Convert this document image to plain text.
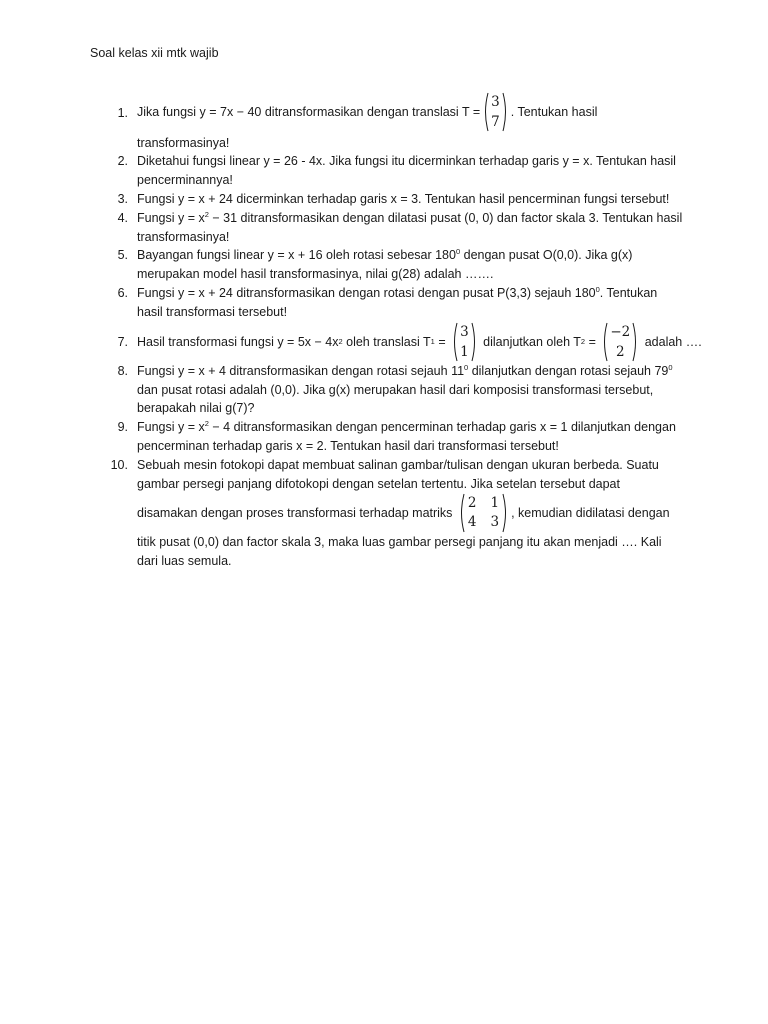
Soal kelas xii mtk wajib
1. Jika fungsi y = 7x − 40 ditransformasikan dengan translasi T =
3
7
. Tentukan hasil
transformasinya!
2. Diketahui fungsi linear y = 26 - 4x. Jika fungsi itu dicerminkan terhadap garis y = x. Tentukan hasil pencerminannya!
3. Fungsi y = x + 24 dicerminkan terhadap garis x = 3. Tentukan hasil pencerminan fungsi tersebut!
4. Fungsi $y = x^2 - 31$ ditransformasikan dengan dilatasi pusat (0, 0) dan factor skala 3. Tentukan hasil transformasinya!
5. Bayangan fungsi linear y = x + 16 oleh rotasi sebesar $180^0$ dengan pusat O(0,0). Jika g(x) merupakan model hasil transformasinya, nilai g(28) adalah …….
6. Fungsi y = x + 24 ditransformasikan dengan rotasi dengan pusat P(3,3) sejauh $180^0$. Tentukan hasil transformasi tersebut!
7. Hasil transformasi fungsi y = 5x − 4x 2 oleh translasi T 1 =
3
1
dilanjutkan oleh T 2 =
−2
2
adalah ….
8. Fungsi y = x + 4 ditransformasikan dengan rotasi sejauh $11^0$ dilanjutkan dengan rotasi sejauh $79^0$
dan pusat rotasi adalah (0,0). Jika g(x) merupakan hasil dari komposisi transformasi tersebut, berapakah nilai g(7)?
9. Fungsi $y = x^2 - 4$ ditransformasikan dengan pencerminan terhadap garis x = 1 dilanjutkan dengan pencerminan terhadap garis x = 2. Tentukan hasil dari transformasi tersebut!
10. Sebuah mesin fotokopi dapat membuat salinan gambar/tulisan dengan ukuran berbeda. Suatu gambar persegi panjang difotokopi dengan setelan tertentu. Jika setelan tersebut dapat
disamakan dengan proses transformasi terhadap matriks
2 1
4 3
, kemudian didilatasi dengan
titik pusat (0,0) dan factor skala 3, maka luas gambar persegi panjang itu akan menjadi …. Kali dari luas semula.
